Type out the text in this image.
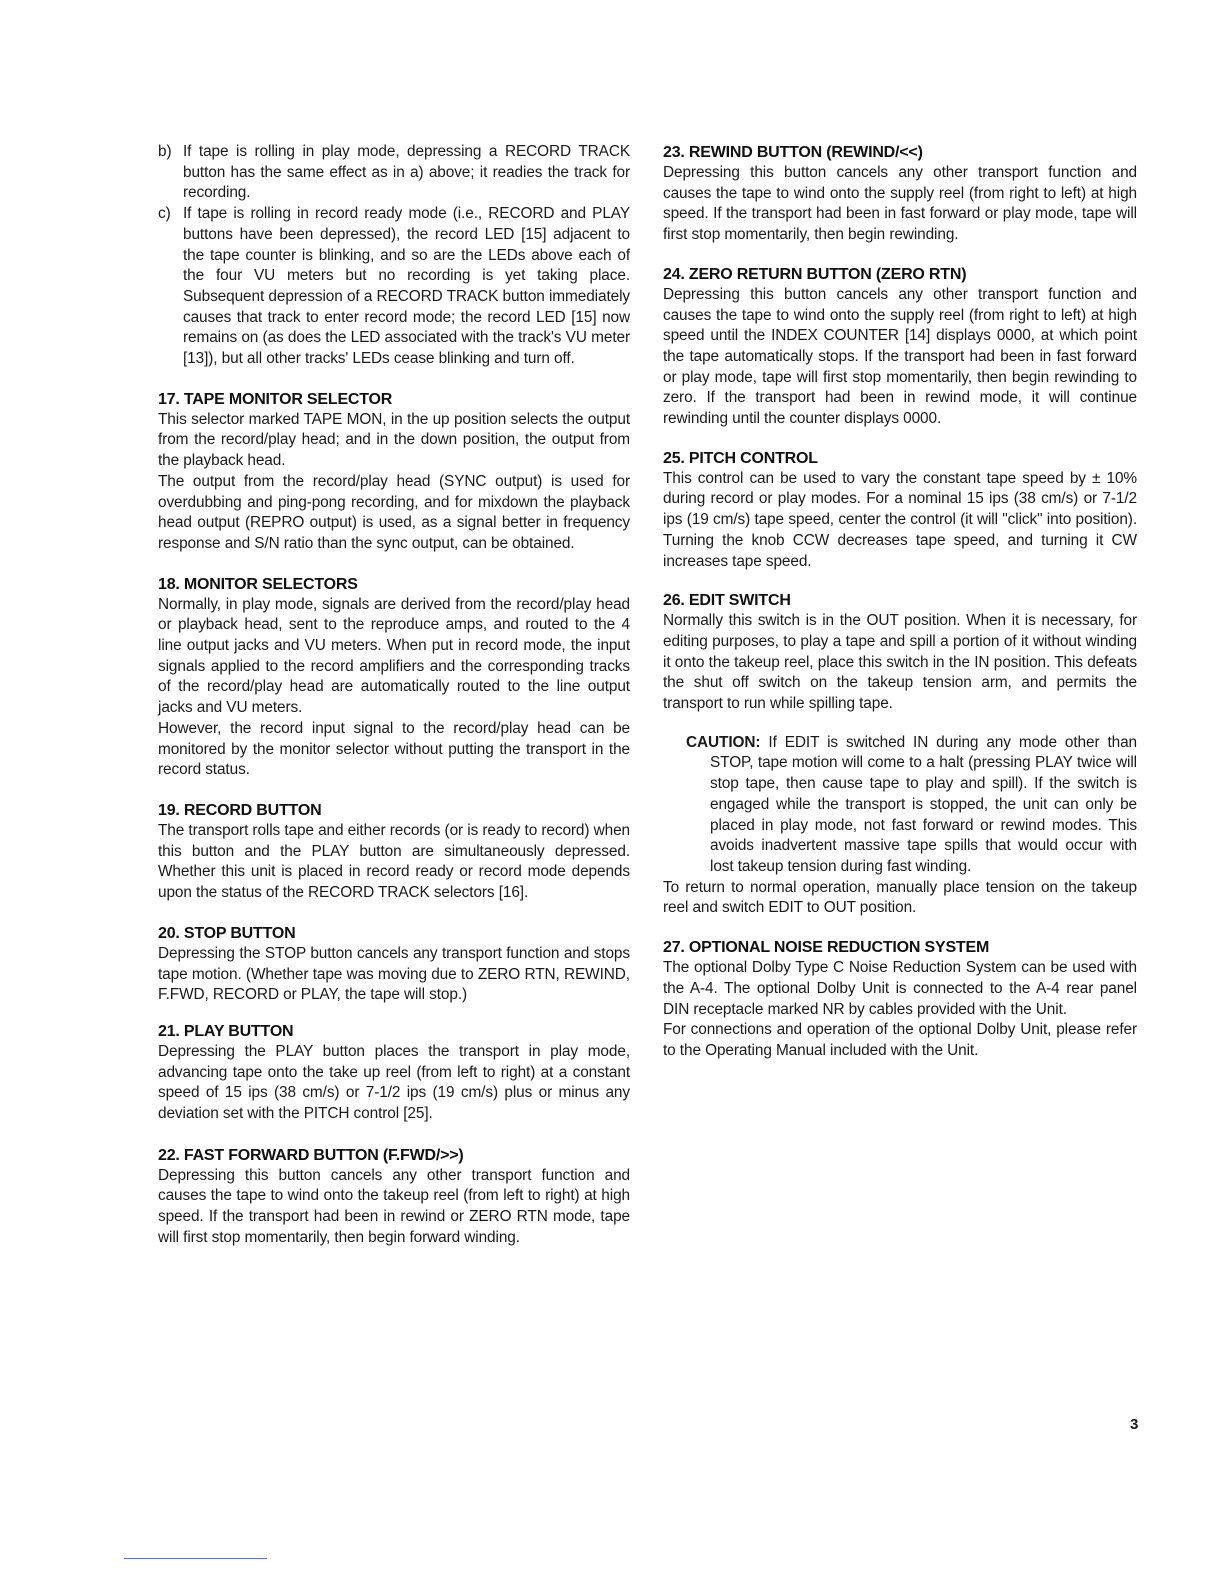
b) If tape is rolling in play mode, depressing a RECORD TRACK button has the same effect as in a) above; it readies the track for recording.
c) If tape is rolling in record ready mode (i.e., RECORD and PLAY buttons have been depressed), the record LED [15] adjacent to the tape counter is blinking, and so are the LEDs above each of the four VU meters but no recording is yet taking place. Subsequent depression of a RECORD TRACK button immediately causes that track to enter record mode; the record LED [15] now remains on (as does the LED associated with the track's VU meter [13]), but all other tracks' LEDs cease blinking and turn off.
17. TAPE MONITOR SELECTOR

This selector marked TAPE MON, in the up position selects the output from the record/play head; and in the down position, the output from the playback head.

The output from the record/play head (SYNC output) is used for overdubbing and ping-pong recording, and for mixdown the playback head output (REPRO output) is used, as a signal better in frequency response and S/N ratio than the sync output, can be obtained.

18. MONITOR SELECTORS

Normally, in play mode, signals are derived from the record/play head or playback head, sent to the reproduce amps, and routed to the 4 line output jacks and VU meters. When put in record mode, the input signals applied to the record amplifiers and the corresponding tracks of the record/play head are automatically routed to the line output jacks and VU meters.

However, the record input signal to the record/play head can be monitored by the monitor selector without putting the transport in the record status.

19. RECORD BUTTON

The transport rolls tape and either records (or is ready to record) when this button and the PLAY button are simultaneously depressed. Whether this unit is placed in record ready or record mode depends upon the status of the RECORD TRACK selectors [16].

20. STOP BUTTON

Depressing the STOP button cancels any transport function and stops tape motion. (Whether tape was moving due to ZERO RTN, REWIND, F.FWD, RECORD or PLAY, the tape will stop.)

21. PLAY BUTTON

Depressing the PLAY button places the transport in play mode, advancing tape onto the take up reel (from left to right) at a constant speed of 15 ips (38 cm/s) or 7-1/2 ips (19 cm/s) plus or minus any deviation set with the PITCH control [25].

22. FAST FORWARD BUTTON (F.FWD/>>)

Depressing this button cancels any other transport function and causes the tape to wind onto the takeup reel (from left to right) at high speed. If the transport had been in rewind or ZERO RTN mode, tape will first stop momentarily, then begin forward winding.

23. REWIND BUTTON (REWIND/<<)

Depressing this button cancels any other transport function and causes the tape to wind onto the supply reel (from right to left) at high speed. If the transport had been in fast forward or play mode, tape will first stop momentarily, then begin rewinding.

24. ZERO RETURN BUTTON (ZERO RTN)

Depressing this button cancels any other transport function and causes the tape to wind onto the supply reel (from right to left) at high speed until the INDEX COUNTER [14] displays 0000, at which point the tape automatically stops. If the transport had been in fast forward or play mode, tape will first stop momentarily, then begin rewinding to zero. If the transport had been in rewind mode, it will continue rewinding until the counter displays 0000.

25. PITCH CONTROL

This control can be used to vary the constant tape speed by ± 10% during record or play modes. For a nominal 15 ips (38 cm/s) or 7-1/2 ips (19 cm/s) tape speed, center the control (it will "click" into position). Turning the knob CCW decreases tape speed, and turning it CW increases tape speed.

26. EDIT SWITCH

Normally this switch is in the OUT position. When it is necessary, for editing purposes, to play a tape and spill a portion of it without winding it onto the takeup reel, place this switch in the IN position. This defeats the shut off switch on the takeup tension arm, and permits the transport to run while spilling tape.

CAUTION: If EDIT is switched IN during any mode other than STOP, tape motion will come to a halt (pressing PLAY twice will stop tape, then cause tape to play and spill). If the switch is engaged while the transport is stopped, the unit can only be placed in play mode, not fast forward or rewind modes. This avoids inadvertent massive tape spills that would occur with lost takeup tension during fast winding.

To return to normal operation, manually place tension on the takeup reel and switch EDIT to OUT position.

27. OPTIONAL NOISE REDUCTION SYSTEM

The optional Dolby Type C Noise Reduction System can be used with the A-4. The optional Dolby Unit is connected to the A-4 rear panel DIN receptacle marked NR by cables provided with the Unit.

For connections and operation of the optional Dolby Unit, please refer to the Operating Manual included with the Unit.

3
